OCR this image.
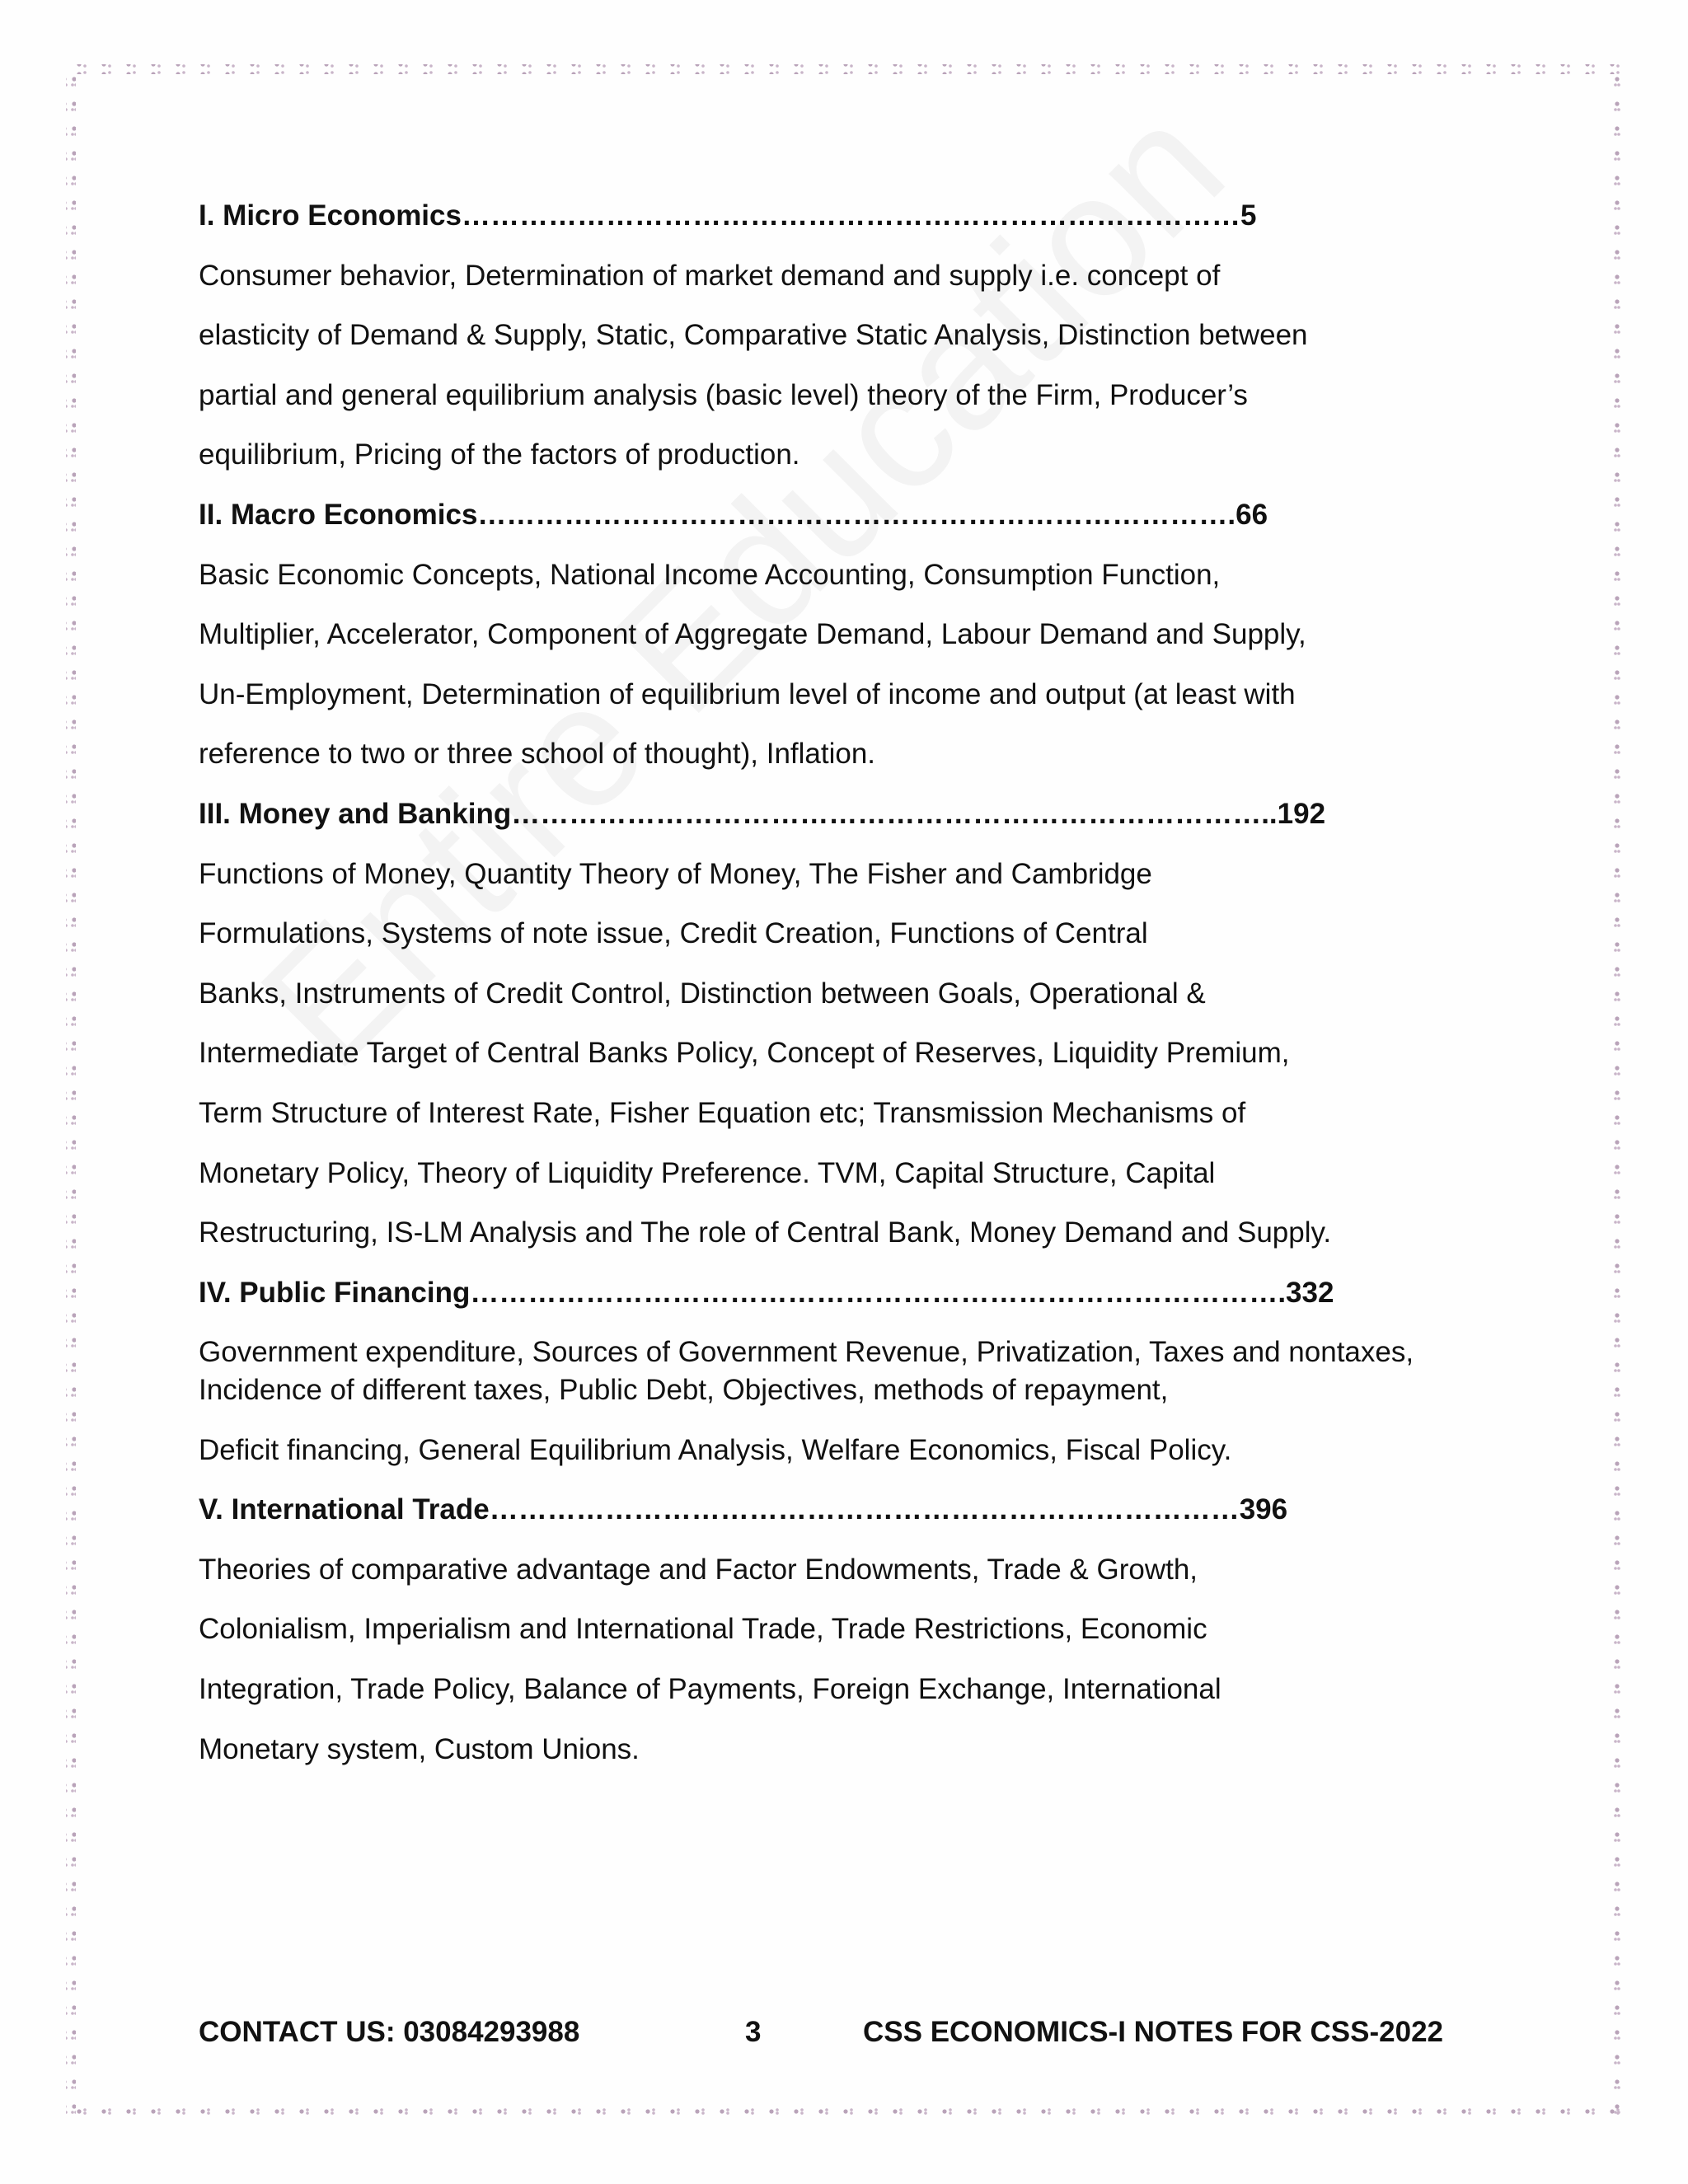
I. Micro Economics………………………………………………………………………5
Consumer behavior, Determination of market demand and supply i.e. concept of
elasticity of Demand & Supply, Static, Comparative Static Analysis, Distinction between
partial and general equilibrium analysis (basic level) theory of the Firm, Producer’s
equilibrium, Pricing of the factors of production.
II. Macro Economics…………………………………………………………………….66
Basic Economic Concepts, National Income Accounting, Consumption Function,
Multiplier, Accelerator, Component of Aggregate Demand, Labour Demand and Supply,
Un-Employment, Determination of equilibrium level of income and output (at least with
reference to two or three school of thought), Inflation.
III. Money and Banking……………………………………………………………………..192
Functions of Money, Quantity Theory of Money, The Fisher and Cambridge
Formulations, Systems of note issue, Credit Creation, Functions of Central
Banks, Instruments of Credit Control, Distinction between Goals, Operational &
Intermediate Target of Central Banks Policy, Concept of Reserves, Liquidity Premium,
Term Structure of Interest Rate, Fisher Equation etc; Transmission Mechanisms of
Monetary Policy, Theory of Liquidity Preference. TVM, Capital Structure, Capital
Restructuring, IS-LM Analysis and The role of Central Bank, Money Demand and Supply.
IV. Public Financing………………………………………………………………………….332
Government expenditure, Sources of Government Revenue, Privatization, Taxes and nontaxes,
Incidence of different taxes, Public Debt, Objectives, methods of repayment,
Deficit financing, General Equilibrium Analysis, Welfare Economics, Fiscal Policy.
V. International Trade……………………………………………………………………396
Theories of comparative advantage and Factor Endowments, Trade & Growth,
Colonialism, Imperialism and International Trade, Trade Restrictions, Economic
Integration, Trade Policy, Balance of Payments, Foreign Exchange, International
Monetary system, Custom Unions.
CONTACT US: 03084293988	3	CSS ECONOMICS-I NOTES FOR CSS-2022
